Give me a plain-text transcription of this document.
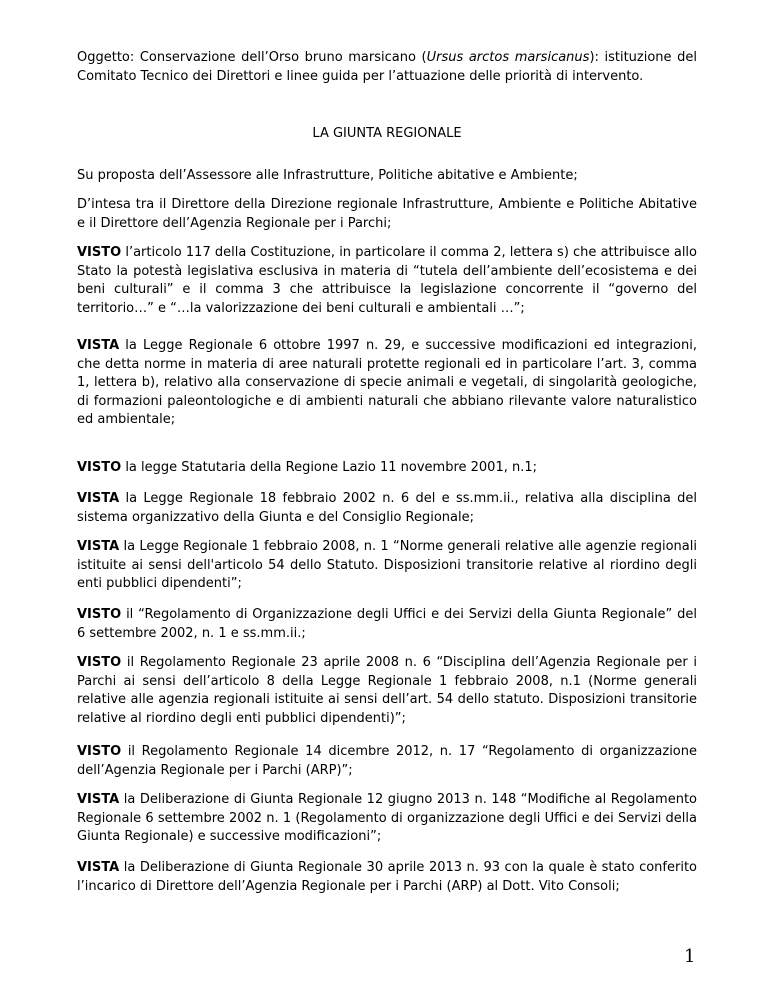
Oggetto: Conservazione dell’Orso bruno marsicano (Ursus arctos marsicanus): istituzione del Comitato Tecnico dei Direttori e linee guida per l’attuazione delle priorità di intervento.

LA GIUNTA REGIONALE

Su proposta dell’Assessore alle Infrastrutture, Politiche abitative e Ambiente;

D’intesa tra il Direttore della Direzione regionale Infrastrutture, Ambiente e Politiche Abitative e il Direttore dell’Agenzia Regionale per i Parchi;

VISTO l’articolo 117 della Costituzione, in particolare il comma 2, lettera s) che attribuisce allo Stato la potestà legislativa esclusiva in materia di “tutela dell’ambiente dell’ecosistema e dei beni culturali” e il comma 3 che attribuisce la legislazione concorrente il “governo del territorio…” e “…la valorizzazione dei beni culturali e ambientali …”;

VISTA la Legge Regionale 6 ottobre 1997 n. 29, e successive modificazioni ed integrazioni, che detta norme in materia di aree naturali protette regionali ed in particolare l’art. 3, comma 1, lettera b), relativo alla conservazione di specie animali e vegetali, di singolarità geologiche, di formazioni paleontologiche e di ambienti naturali che abbiano rilevante valore naturalistico ed ambientale;

VISTO la legge Statutaria della Regione Lazio 11 novembre 2001, n.1;

VISTA la Legge Regionale 18 febbraio 2002 n. 6 del e ss.mm.ii., relativa alla disciplina del sistema organizzativo della Giunta e del Consiglio Regionale;

VISTA la Legge Regionale 1 febbraio 2008, n. 1 “Norme generali relative alle agenzie regionali istituite ai sensi dell'articolo 54 dello Statuto. Disposizioni transitorie relative al riordino degli enti pubblici dipendenti”;

VISTO il “Regolamento di Organizzazione degli Uffici e dei Servizi della Giunta Regionale” del 6 settembre 2002, n. 1 e ss.mm.ii.;

VISTO il Regolamento Regionale 23 aprile 2008 n. 6 “Disciplina dell’Agenzia Regionale per i Parchi ai sensi dell’articolo 8 della Legge Regionale 1 febbraio 2008, n.1 (Norme generali relative alle agenzia regionali istituite ai sensi dell’art. 54 dello statuto. Disposizioni transitorie relative al riordino degli enti pubblici dipendenti)”;

VISTO il Regolamento Regionale 14 dicembre 2012, n. 17 “Regolamento di organizzazione dell’Agenzia Regionale per i Parchi (ARP)”;

VISTA la Deliberazione di Giunta Regionale 12 giugno 2013 n. 148 “Modifiche al Regolamento Regionale 6 settembre 2002 n. 1 (Regolamento di organizzazione degli Uffici e dei Servizi della Giunta Regionale) e successive modificazioni”;

VISTA la Deliberazione di Giunta Regionale 30 aprile 2013 n. 93 con la quale è stato conferito l’incarico di Direttore dell’Agenzia Regionale per i Parchi (ARP) al Dott. Vito Consoli;

1
